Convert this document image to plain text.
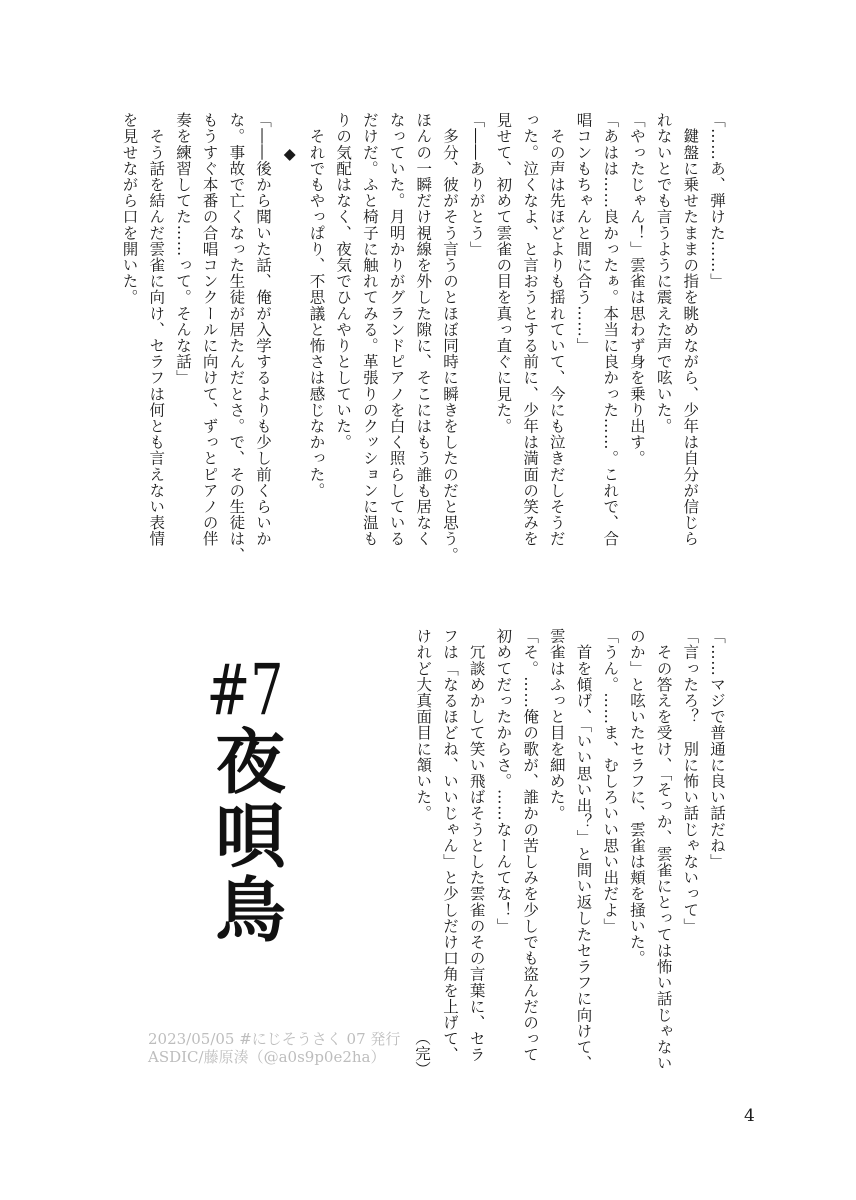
「……あ、弾けた……」

　鍵盤に乗せたままの指を眺めながら、少年は自分が信じら

れないとでも言うように震えた声で呟いた。

「やったじゃん！」雲雀は思わず身を乗り出す。

「あはは……良かったぁ。本当に良かった……。これで、合

唱コンもちゃんと間に合う……」

　その声は先ほどよりも揺れていて、今にも泣きだしそうだ

った。泣くなよ、と言おうとする前に、少年は満面の笑みを

見せて、初めて雲雀の目を真っ直ぐに見た。

「――ありがとう」

　多分、彼がそう言うのとほぼ同時に瞬きをしたのだと思う。

ほんの一瞬だけ視線を外した隙に、そこにはもう誰も居なく

なっていた。月明かりがグランドピアノを白く照らしている

だけだ。ふと椅子に触れてみる。革張りのクッションに温も

りの気配はなく、夜気でひんやりとしていた。

　それでもやっぱり、不思議と怖さは感じなかった。

◆

「――後から聞いた話、俺が入学するよりも少し前くらいか

な。事故で亡くなった生徒が居たんだとさ。で、その生徒は、

もうすぐ本番の合唱コンクールに向けて、ずっとピアノの伴

奏を練習してた……って。そんな話」

　そう話を結んだ雲雀に向け、セラフは何とも言えない表情

を見せながら口を開いた。

「……マジで普通に良い話だね」

「言ったろ？　別に怖い話じゃないって」

　その答えを受け、「そっか、雲雀にとっては怖い話じゃない

のか」と呟いたセラフに、雲雀は頬を掻いた。

「うん。……ま、むしろいい思い出だよ」

　首を傾げ、「いい思い出？」と問い返したセラフに向けて、

雲雀はふっと目を細めた。

「そ。……俺の歌が、誰かの苦しみを少しでも盗んだのって

初めてだったからさ。……なーんてな！」

　冗談めかして笑い飛ばそうとした雲雀のその言葉に、セラ

フは「なるほどね、いいじゃん」と少しだけ口角を上げて、

けれど大真面目に頷いた。

（完）
#7夜唄鳥
2023/05/05 #にじそうさく 07 発行
ASDIC/藤原湊（@a0s9p0e2ha）
4
